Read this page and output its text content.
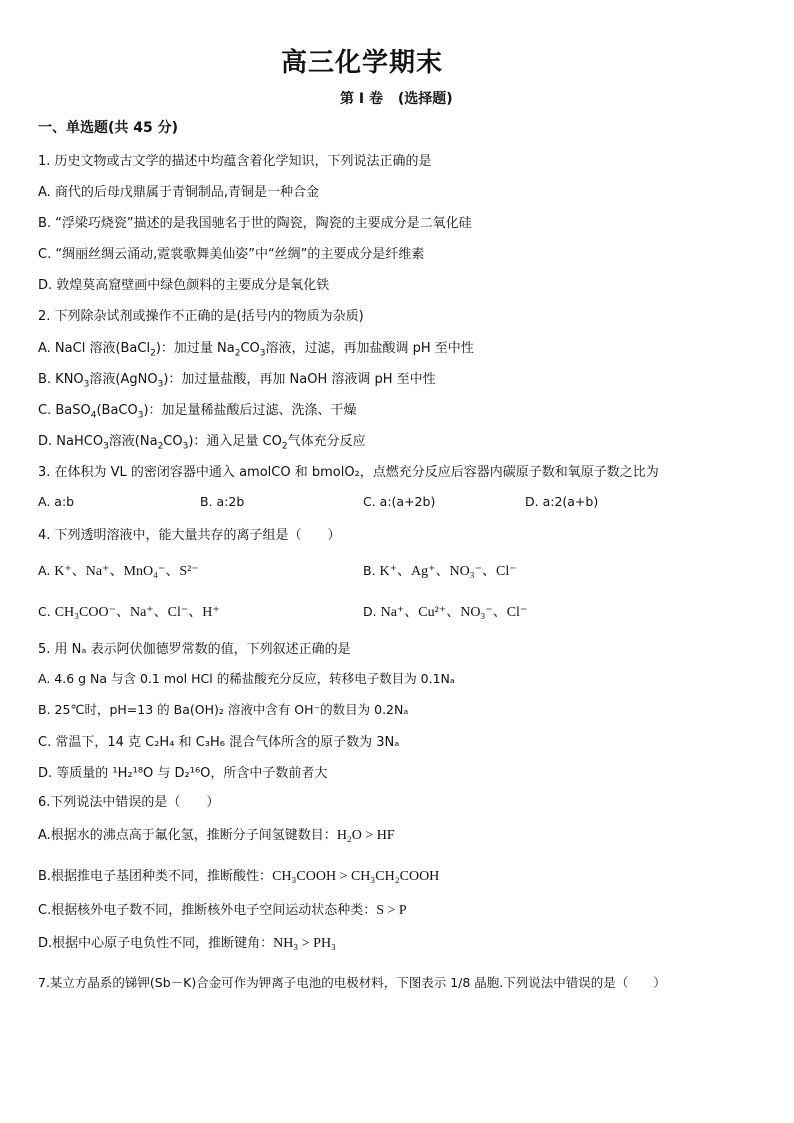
高三化学期末
第 I 卷 (选择题)
一、单选题(共 45 分)
1. 历史文物或古文学的描述中均蕴含着化学知识，下列说法正确的是
A. 商代的后母戊鼎属于青铜制品,青铜是一种合金
B. “浮梁巧烧瓷”描述的是我国驰名于世的陶瓷，陶瓷的主要成分是二氧化硅
C. “绸丽丝绸云涌动,霓裳歌舞美仙姿”中“丝绸”的主要成分是纤维素
D. 敦煌莫高窟壁画中绿色颜料的主要成分是氧化铁
2. 下列除杂试剂或操作不正确的是(括号内的物质为杂质)
A. NaCl 溶液(BaCl$_2$)：加过量 $Na_2CO_3$溶液，过滤，再加盐酸调 pH 至中性
B. $KNO_3$溶液(AgNO$_3$)：加过量盐酸，再加 NaOH 溶液调 pH 至中性
C. BaSO$_4$(BaCO$_3$)：加足量稀盐酸后过滤、洗涤、干燥
D. NaHCO$_3$溶液$(Na_2CO_3)$：通入足量 $CO_2$气体充分反应
3. 在体积为 VL 的密闭容器中通入 amolCO 和 bmolO₂，点燃充分反应后容器内碳原子数和氧原子数之比为
A. a:b	B. a:2b	C. a:(a+2b)	D. a:2(a+b)
4. 下列透明溶液中，能大量共存的离子组是（　　）
A. K⁺、Na⁺、MnO₄⁻、S²⁻	B. K⁺、Ag⁺、NO₃⁻、Cl⁻
C. CH₃COO⁻、Na⁺、Cl⁻、H⁺	D. Na⁺、Cu²⁺、NO₃⁻、Cl⁻
5. 用 Nₐ 表示阿伏伽德罗常数的值，下列叙述正确的是
A. 4.6 g Na 与含 0.1 mol HCl 的稀盐酸充分反应，转移电子数目为 0.1Nₐ
B. 25℃时，pH=13 的 Ba(OH)₂ 溶液中含有 OH⁻的数目为 0.2Nₐ
C. 常温下，14 克 C₂H₄ 和 C₃H₆ 混合气体所含的原子数为 3Nₐ
D. 等质量的 ¹H₂¹⁸O 与 D₂¹⁶O，所含中子数前者大
6.下列说法中错误的是（　　）
A.根据水的沸点高于氟化氢，推断分子间氢键数目：H₂O > HF
B.根据推电子基团种类不同，推断酸性：CH₃COOH > CH₃CH₂COOH
C.根据核外电子数不同，推断核外电子空间运动状态种类：S > P
D.根据中心原子电负性不同，推断键角：NH₃ > PH₃
7.某立方晶系的锑钾(Sb－K)合金可作为钾离子电池的电极材料，下图表示 1/8 晶胞.下列说法中错误的是（　　）
